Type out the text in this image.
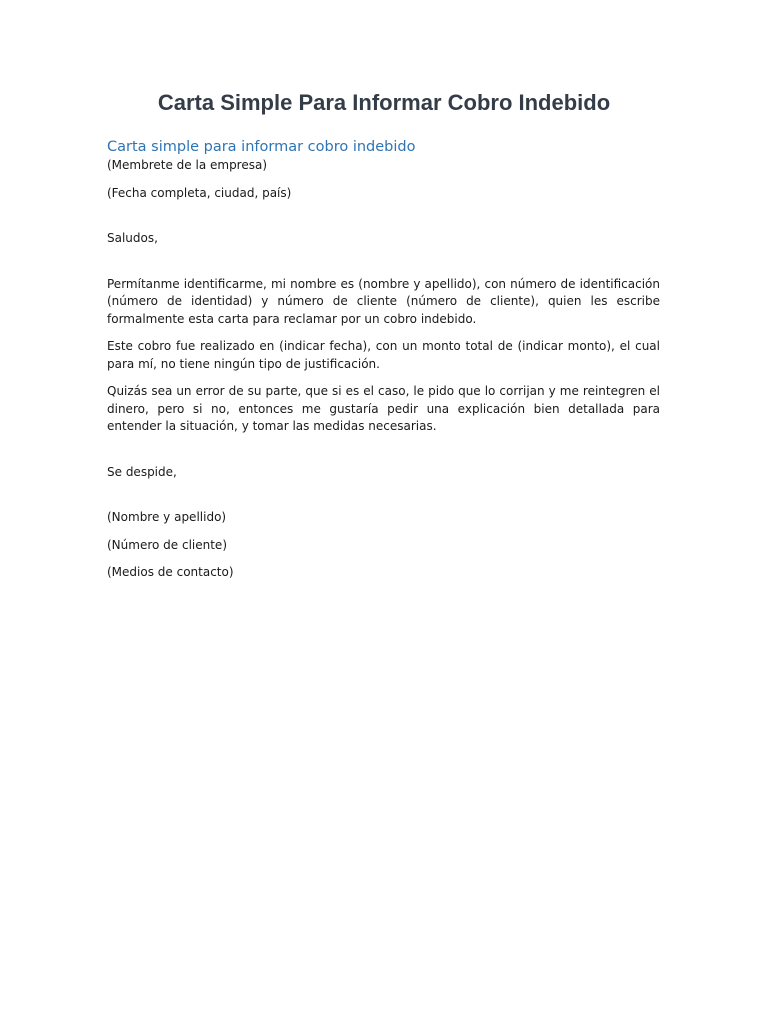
Carta Simple Para Informar Cobro Indebido
Carta simple para informar cobro indebido

(Membrete de la empresa)

(Fecha completa, ciudad, país)

Saludos,

Permítanme identificarme, mi nombre es (nombre y apellido), con número de identificación (número de identidad) y número de cliente (número de cliente), quien les escribe formalmente esta carta para reclamar por un cobro indebido.

Este cobro fue realizado en (indicar fecha), con un monto total de (indicar monto), el cual para mí, no tiene ningún tipo de justificación.

Quizás sea un error de su parte, que si es el caso, le pido que lo corrijan y me reintegren el dinero, pero si no, entonces me gustaría pedir una explicación bien detallada para entender la situación, y tomar las medidas necesarias.

Se despide,

(Nombre y apellido)

(Número de cliente)

(Medios de contacto)
